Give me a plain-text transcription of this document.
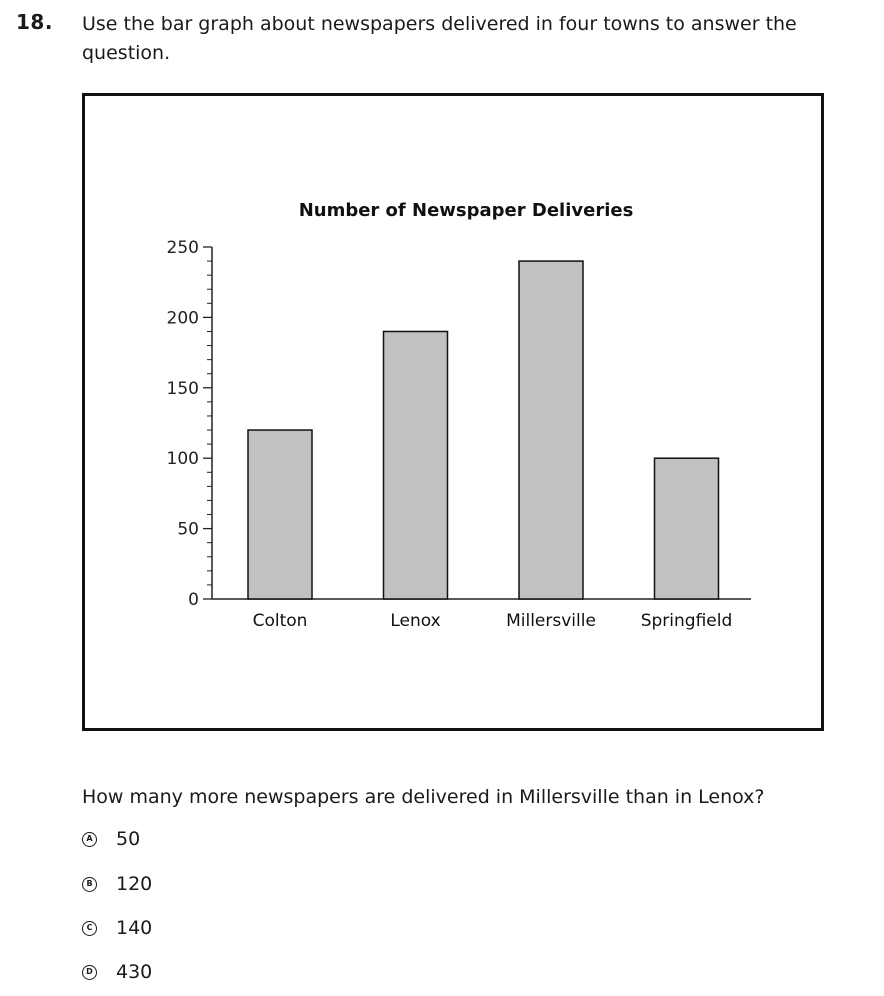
18. Use the bar graph about newspapers delivered in four towns to answer the question.
Number of Newspaper Deliveries
0
50
100
150
200
250
Colton	Lenox	Millersville	Springfield
How many more newspapers are delivered in Millersville than in Lenox?
A 50
B 120
C 140
D 430
